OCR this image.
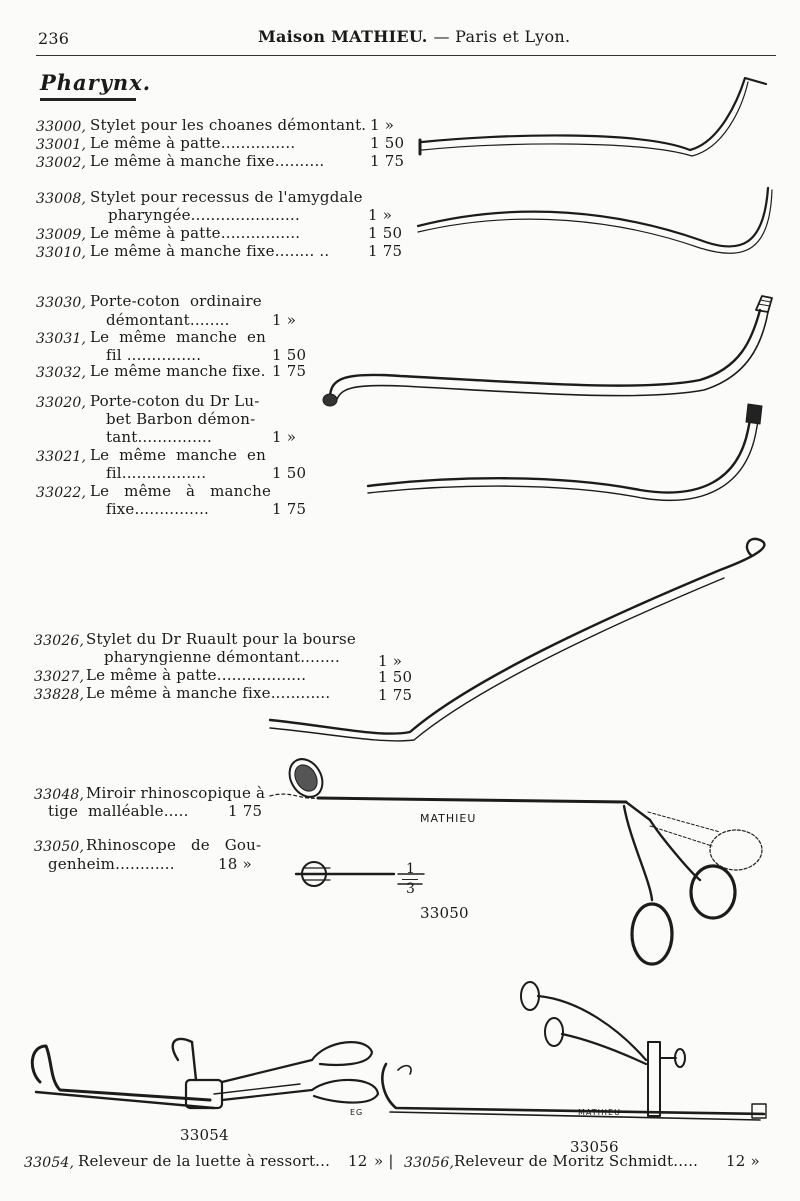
236	Maison MATHIEU. — Paris et Lyon.
Pharynx.
33000, Stylet pour les choanes démontant. 1 »
33001, Le même à patte...............	1 50
33002, Le même à manche fixe..........	1 75
33008, Stylet pour recessus de l'amygdale
pharyngée......................	1 »
33009, Le même à patte................	1 50
33010, Le même à manche fixe........ ..	1 75
33030, Porte-coton  ordinaire
démontant........	1 »
33031, Le  même  manche  en
fil ...............	1 50
33032, Le même manche fixe. 1 75
33020, Porte-coton du Dr Lu-
bet Barbon démon-
tant...............	1 »
33021, Le  même  manche  en
fil.................	1 50
33022, Le   même   à   manche
fixe...............	1 75
33026, Stylet du Dr Ruault pour la bourse
pharyngienne démontant........	1 »
33027, Le même à patte..................	1 50
33828, Le même à manche fixe............	1 75
33048, Miroir rhinoscopique à
tige  malléable.....	1 75
33050, Rhinoscope   de   Gou-
genheim............	18 »
MATHIEU
MATHIEU
EG
1
3
33050
33054
33056
33054, Releveur de la luette à ressort... 12 » | 33056, Releveur de Moritz Schmidt..... 12 »
